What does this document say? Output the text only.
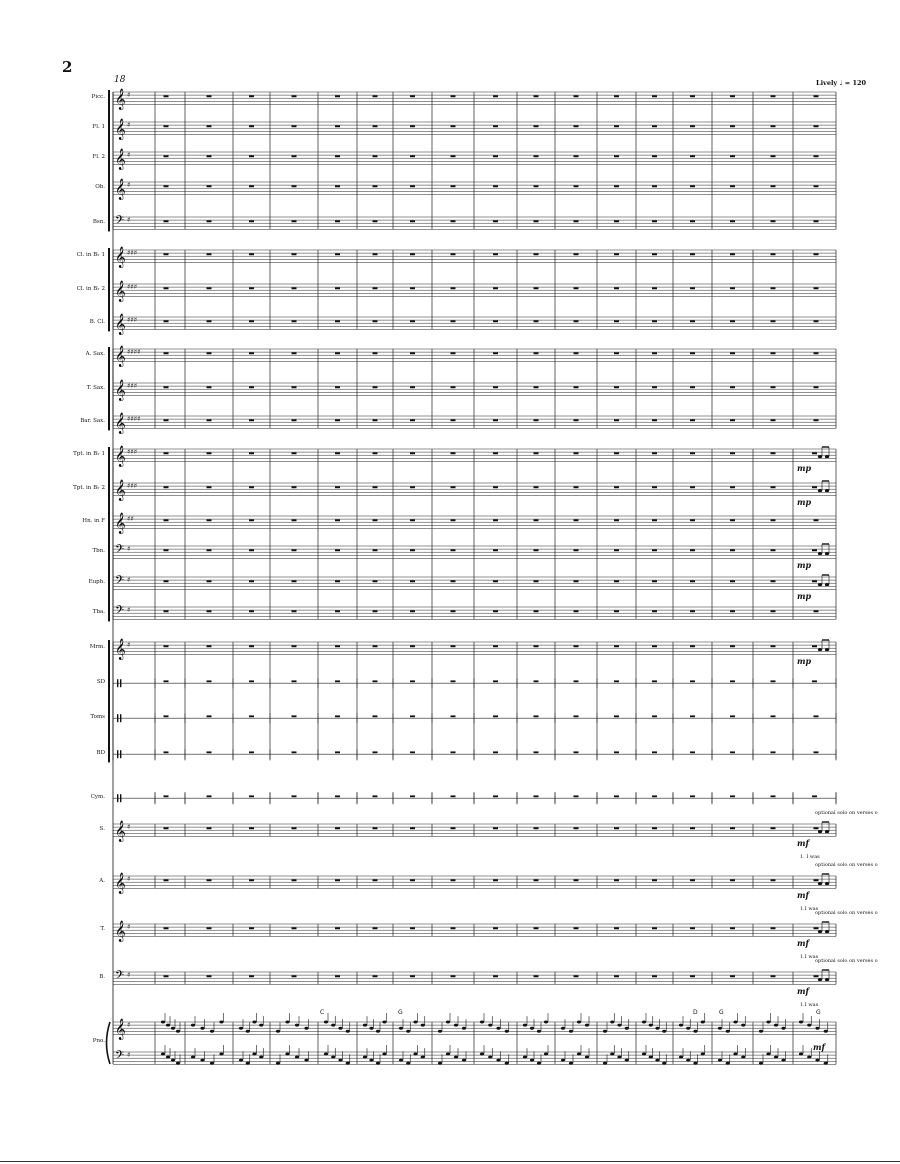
𝄞 ♯
𝄞 ♯
𝄞 ♯
𝄞 ♯
𝄢 ♯
𝄞 ♯♯♯
𝄞 ♯♯♯
𝄞 ♯♯♯
𝄞 ♯♯♯♯
𝄞 ♯♯♯
𝄞 ♯♯♯♯
𝄞 ♯♯♯
𝄞 ♯♯♯
𝄞 ♯♯
𝄢 ♯
𝄢 ♯
𝄢 ♯
𝄞 ♯
𝄞 ♯
𝄞 ♯
𝄞 ♯
𝄢 ♯
𝄞 ♯
𝄢 ♯
2
18	Lively ♩ = 120
Picc.
Fl. 1
Fl. 2
Ob.
Bsn.
Cl. in B♭ 1
Cl. in B♭ 2
B. Cl.
A. Sax.
T. Sax.
Bar. Sax.
Tpt. in B♭ 1
Tpt. in B♭ 2
Hn. in F
Tbn.
Euph.
Tba.
Mrm.
SD
Toms
BD
Cym.
S.
A.
T.
B.
Pno.
mp
mp
mp
mp
mp
mf
mf
mf
mf
mf
optional solo on verses o
1. I was
optional solo on verses o
1.I was
optional solo on verses o
1.I was
optional solo on verses o
1.I was
C	G	D	G	G
